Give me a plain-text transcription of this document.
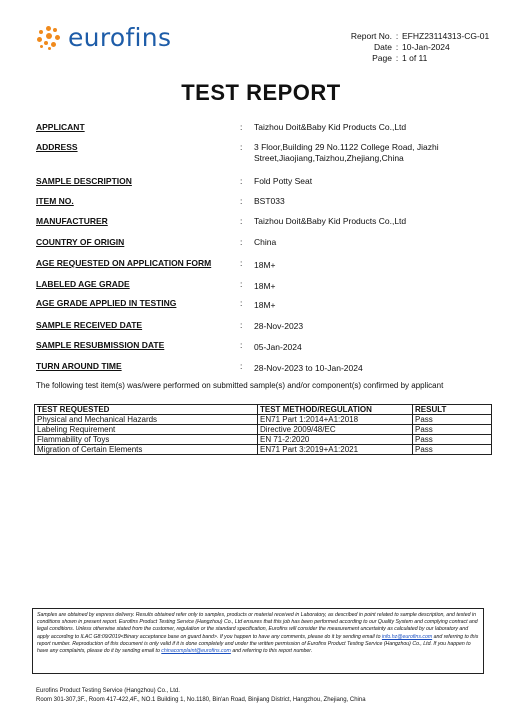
eurofins	Report No. : EFHZ23114313-CG-01
Date : 10-Jan-2024
Page : 1 of 11
TEST REPORT
APPLICANT	: Taizhou Doit&Baby Kid Products Co.,Ltd
ADDRESS	: 3 Floor,Building 29 No.1122 College Road, Jiazhi
Street,Jiaojiang,Taizhou,Zhejiang,China
SAMPLE DESCRIPTION	: Fold Potty Seat
ITEM NO.	: BST033
MANUFACTURER	: Taizhou Doit&Baby Kid Products Co.,Ltd
COUNTRY OF ORIGIN	: China
AGE REQUESTED ON APPLICATION FORM	: 18M+
LABELED AGE GRADE	: 18M+
AGE GRADE APPLIED IN TESTING	: 18M+
SAMPLE RECEIVED DATE	: 28-Nov-2023
SAMPLE RESUBMISSION DATE	: 05-Jan-2024
TURN AROUND TIME	: 28-Nov-2023 to 10-Jan-2024
The following test item(s) was/were performed on submitted sample(s) and/or component(s) confirmed by applicant
TEST REQUESTED	TEST METHOD/REGULATION	RESULT
Physical and Mechanical Hazards	EN71 Part 1:2014+A1:2018	Pass
Labeling Requirement	Directive 2009/48/EC	Pass
Flammability of Toys	EN 71-2:2020	Pass
Migration of Certain Elements	EN71 Part 3:2019+A1:2021	Pass
Samples are obtained by express delivery. Results obtained refer only to samples, products or material received in Laboratory, as described in point related to sample description, and tested in conditions shown in present report. Eurofins Product Testing Service (Hangzhou) Co., Ltd ensures that this job has been performed according to our Quality System and complying contract and legal conditions. Unless otherwise stated from the customer, regulation or the standard specification, Eurofins will consider the measurement uncertainty as calculated by our laboratory and apply according to ILAC G8:09/2019<Binary acceptance base on guard band>. If you happen to have any comments, please do it by sending email to info.hz@eurofins.com and referring to this report number. Reproduction of this document is only valid if it is done completely and under the written permission of Eurofins Product Testing Service (Hangzhou) Co., Ltd. If you happen to have any complaints, please do it by sending email to chinacomplaint@eurofins.com and referring to this report number.
Eurofins Product Testing Service (Hangzhou) Co., Ltd.
Room 301-307,3F., Room 417-422,4F., NO.1 Building 1, No.1180, Bin'an Road, Binjiang District, Hangzhou, Zhejiang, China
